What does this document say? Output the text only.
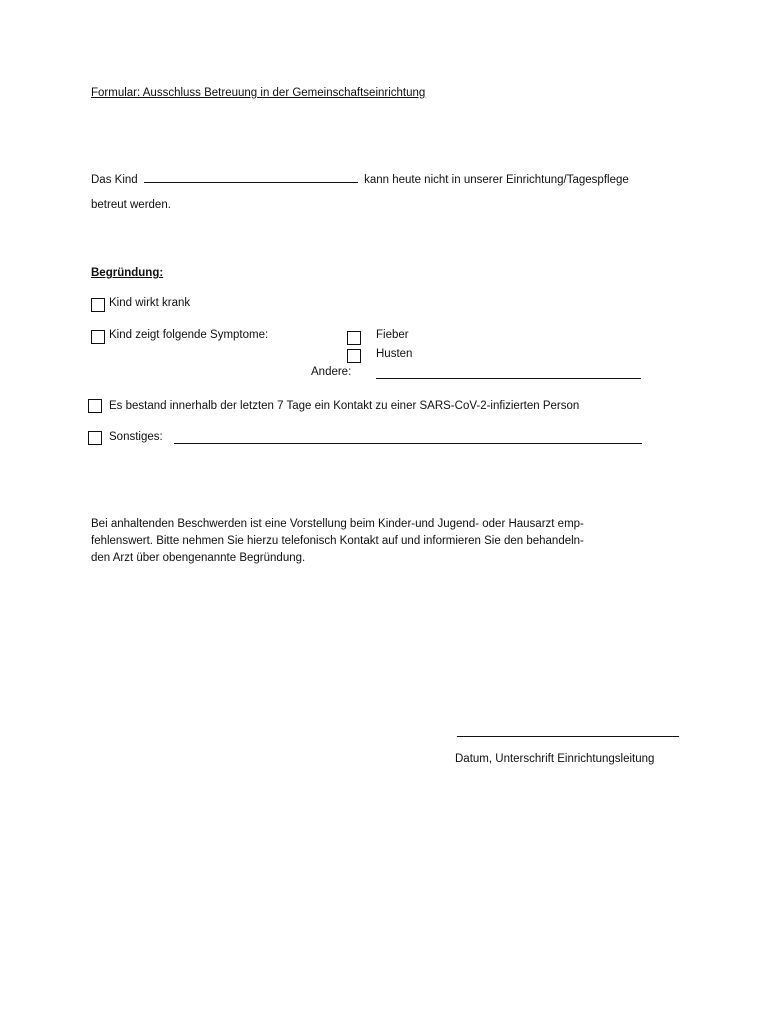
Formular: Ausschluss Betreuung in der Gemeinschaftseinrichtung
Das Kind	kann heute nicht in unserer Einrichtung/Tagespflege
betreut werden.
Begründung:
Kind wirkt krank
Kind zeigt folgende Symptome:	Fieber
Husten
Andere:
Es bestand innerhalb der letzten 7 Tage ein Kontakt zu einer SARS-CoV-2-infizierten Person
Sonstiges:
Bei anhaltenden Beschwerden ist eine Vorstellung beim Kinder-und Jugend- oder Hausarzt emp-
fehlenswert. Bitte nehmen Sie hierzu telefonisch Kontakt auf und informieren Sie den behandeln-
den Arzt über obengenannte Begründung.
Datum, Unterschrift Einrichtungsleitung
